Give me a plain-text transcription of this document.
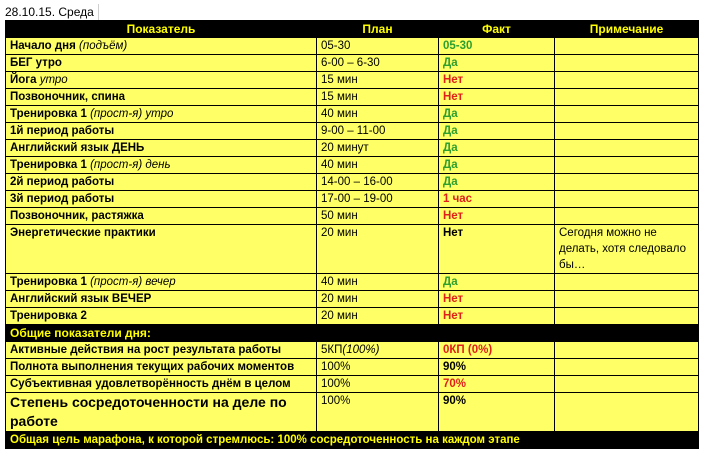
28.10.15. Среда
Показатель	План	Факт	Примечание
Начало дня (подъём)	05-30	05-30	
БЕГ утро	6-00 – 6-30	Да	
Йога утро	15 мин	Нет	
Позвоночник, спина	15 мин	Нет	
Тренировка 1 (прост-я) утро	40 мин	Да	
1й период работы	9-00 – 11-00	Да	
Английский язык ДЕНЬ	20 минут	Да	
Тренировка 1 (прост-я) день	40 мин	Да	
2й период работы	14-00 – 16-00	Да	
3й период работы	17-00 – 19-00	1 час	
Позвоночник, растяжка	50 мин	Нет	
Энергетические практики	20 мин	Нет	Сегодня можно не делать, хотя следовало бы…
Тренировка 1 (прост-я) вечер	40 мин	Да	
Английский язык ВЕЧЕР	20 мин	Нет	
Тренировка 2	20 мин	Нет	
Общие показатели дня:			
Активные действия на рост результата работы	5КП(100%)	0КП (0%)	
Полнота выполнения текущих рабочих моментов	100%	90%	
Субъективная удовлетворённость днём в целом	100%	70%	
Степень сосредоточенности на деле по работе	100%	90%	
Общая цель марафона, к которой стремлюсь: 100% сосредоточенность на каждом этапе			
